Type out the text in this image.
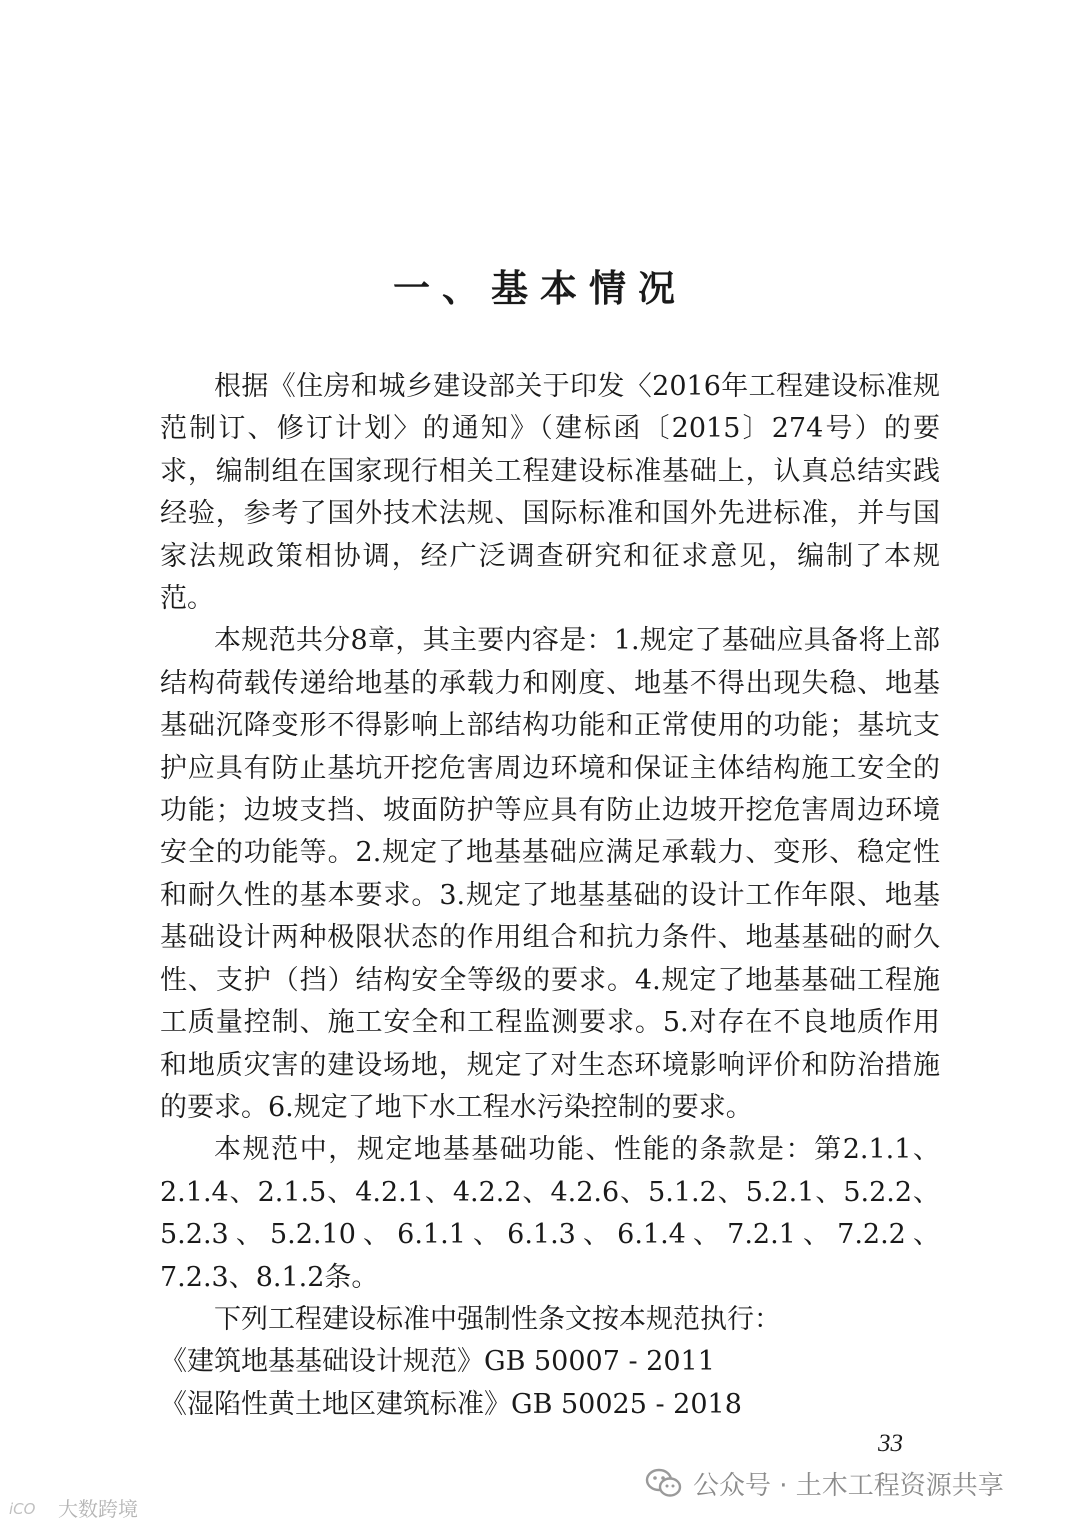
一、基本情况

根据《住房和城乡建设部关于印发〈2016年工程建设标准规范制订、修订计划〉的通知》（建标函〔2015〕274号）的要求，编制组在国家现行相关工程建设标准基础上，认真总结实践经验，参考了国外技术法规、国际标准和国外先进标准，并与国家法规政策相协调，经广泛调查研究和征求意见，编制了本规范。

本规范共分8章，其主要内容是：1.规定了基础应具备将上部结构荷载传递给地基的承载力和刚度、地基不得出现失稳、地基基础沉降变形不得影响上部结构功能和正常使用的功能；基坑支护应具有防止基坑开挖危害周边环境和保证主体结构施工安全的功能；边坡支挡、坡面防护等应具有防止边坡开挖危害周边环境安全的功能等。2.规定了地基基础应满足承载力、变形、稳定性和耐久性的基本要求。3.规定了地基基础的设计工作年限、地基基础设计两种极限状态的作用组合和抗力条件、地基基础的耐久性、支护（挡）结构安全等级的要求。4.规定了地基基础工程施工质量控制、施工安全和工程监测要求。5.对存在不良地质作用和地质灾害的建设场地，规定了对生态环境影响评价和防治措施的要求。6.规定了地下水工程水污染控制的要求。

本规范中，规定地基基础功能、性能的条款是：第2.1.1、2.1.4、2.1.5、4.2.1、4.2.2、4.2.6、5.1.2、5.2.1、5.2.2、5.2.3、5.2.10、6.1.1、6.1.3、6.1.4、7.2.1、7.2.2、7.2.3、8.1.2条。

下列工程建设标准中强制性条文按本规范执行：

《建筑地基基础设计规范》GB 50007 - 2011

《湿陷性黄土地区建筑标准》GB 50025 - 2018

33
公众号 · 土木工程资源共享
iCO 大数跨境
